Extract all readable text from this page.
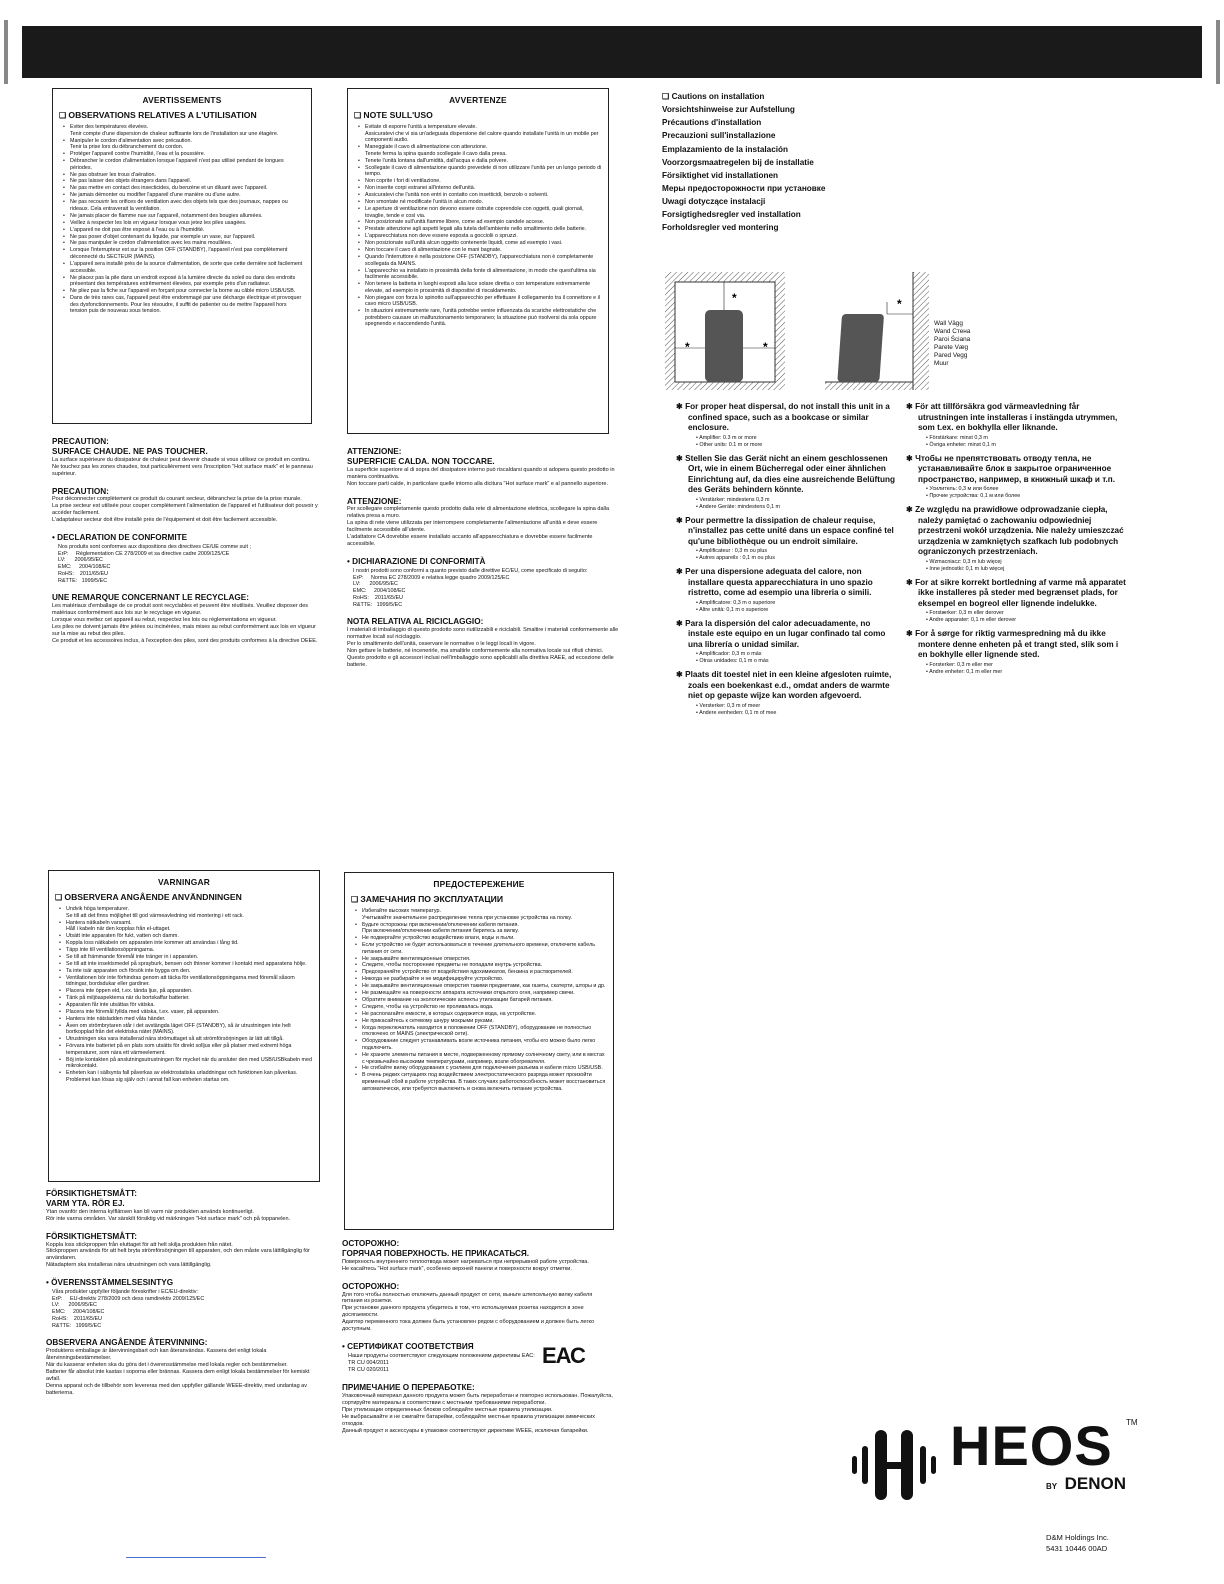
AVERTISSEMENTS
❑ OBSERVATIONS RELATIVES A L'UTILISATION
• Eviter des températures élevées.
Tenir compte d'une dispersion de chaleur suffisante lors de l'installation sur une étagère.
• Manipuler le cordon d'alimentation avec précaution.
Tenir la prise lors du débranchement du cordon.
• Protéger l'appareil contre l'humidité, l'eau et la poussière.
• Débrancher le cordon d'alimentation lorsque l'appareil n'est pas utilisé pendant de longues périodes.
• Ne pas obstruer les trous d'aération.
• Ne pas laisser des objets étrangers dans l'appareil.
• Ne pas mettre en contact des insecticides, du benzène et un diluant avec l'appareil.
• Ne jamais démonter ou modifier l'appareil d'une manière ou d'une autre.
• Ne pas recouvrir les orifices de ventilation avec des objets tels que des journaux, nappes ou rideaux. Cela entraverait la ventilation.
• Ne jamais placer de flamme nue sur l'appareil, notamment des bougies allumées.
• Veillez à respecter les lois en vigueur lorsque vous jetez les piles usagées.
• L'appareil ne doit pas être exposé à l'eau ou à l'humidité.
• Ne pas poser d'objet contenant du liquide, par exemple un vase, sur l'appareil.
• Ne pas manipuler le cordon d'alimentation avec les mains mouillées.
• Lorsque l'interrupteur est sur la position OFF (STANDBY), l'appareil n'est pas complètement déconnecté du SECTEUR (MAINS).
• L'appareil sera installé près de la source d'alimentation, de sorte que cette dernière soit facilement accessible.
• Ne placez pas la pile dans un endroit exposé à la lumière directe du soleil ou dans des endroits présentant des températures extrêmement élevées, par exemple près d'un radiateur.
• Ne pliez pas la fiche sur l'appareil en forçant pour connecter la borne au câble micro USB/USB.
• Dans de très rares cas, l'appareil peut être endommagé par une décharge électrique et provoquer des dysfonctionnements. Pour les résoudre, il suffit de patienter ou de mettre l'appareil hors tension puis de nouveau sous tension.
PRECAUTION:
SURFACE CHAUDE. NE PAS TOUCHER.

La surface supérieure du dissipateur de chaleur peut devenir chaude si vous utilisez ce produit en continu.
Ne touchez pas les zones chaudes, tout particulièrement vers l'inscription "Hot surface mark" et le panneau supérieur.

PRECAUTION:

Pour déconnecter complètement ce produit du courant secteur, débranchez la prise de la prise murale.
La prise secteur est utilisée pour couper complètement l'alimentation de l'appareil et l'utilisateur doit pouvoir y accéder facilement.
L'adaptateur secteur doit être installé près de l'équipement et doit être facilement accessible.

• DECLARATION DE CONFORMITE

Nos produits sont conformes aux dispositions des directives CE/UE comme suit ;
ErP:     Réglementation CE 278/2009 et sa directive cadre 2009/125/CE
LV:      2006/95/EC
EMC:     2004/108/EC
RoHS:    2011/65/EU
R&TTE:   1999/5/EC

UNE REMARQUE CONCERNANT LE RECYCLAGE:

Les matériaux d'emballage de ce produit sont recyclables et peuvent être réutilisés. Veuillez disposer des matériaux conformément aux lois sur le recyclage en vigueur.
Lorsque vous mettez cet appareil au rebut, respectez les lois ou réglementations en vigueur.
Les piles ne doivent jamais être jetées ou incinérées, mais mises au rebut conformément aux lois en vigueur sur la mise au rebut des piles.
Ce produit et les accessoires inclus, à l'exception des piles, sont des produits conformes à la directive DEEE.

AVVERTENZE
❑ NOTE SULL'USO
• Evitate di esporre l'unità a temperature elevate.
Assicuratevi che vi sia un'adeguata dispersione del calore quando installate l'unità in un mobile per componenti audio.
• Maneggiate il cavo di alimentazione con attenzione.
Tenete ferma la spina quando scollegate il cavo dalla presa.
• Tenete l'unità lontana dall'umidità, dall'acqua e dalla polvere.
• Scollegate il cavo di alimentazione quando prevedete di non utilizzare l'unità per un lungo periodo di tempo.
• Non coprite i fori di ventilazione.
• Non inserite corpi estranei all'interno dell'unità.
• Assicuratevi che l'unità non entri in contatto con insetticidi, benzolo o solventi.
• Non smontate né modificate l'unità in alcun modo.
• Le aperture di ventilazione non devono essere ostruite coprendole con oggetti, quali giornali, tovaglie, tende e così via.
• Non posizionate sull'unità fiamme libere, come ad esempio candele accese.
• Prestate attenzione agli aspetti legati alla tutela dell'ambiente nello smaltimento delle batterie.
• L'apparecchiatura non deve essere esposta a gocciolii o spruzzi.
• Non posizionate sull'unità alcun oggetto contenente liquidi, come ad esempio i vasi.
• Non toccare il cavo di alimentazione con le mani bagnate.
• Quando l'interruttore è nella posizione OFF (STANDBY), l'apparecchiatura non è completamente scollegata da MAINS.
• L'apparecchio va installato in prossimità della fonte di alimentazione, in modo che quest'ultima sia facilmente accessibile.
• Non tenere la batteria in luoghi esposti alla luce solare diretta o con temperature estremamente elevate, ad esempio in prossimità di dispositivi di riscaldamento.
• Non piegare con forza lo spinotto sull'apparecchio per effettuare il collegamento tra il connettore e il cavo micro USB/USB.
• In situazioni estremamente rare, l'unità potrebbe venire influenzata da scariche elettrostatiche che potrebbero causare un malfunzionamento temporaneo; la situazione può risolversi da sola oppure spegnendo e riaccendendo l'unità.
ATTENZIONE:
SUPERFICIE CALDA. NON TOCCARE.

La superficie superiore al di sopra del dissipatore interno può riscaldarsi quando si adopera questo prodotto in maniera continuativa.
Non toccare parti calde, in particolare quelle intorno alla dicitura "Hot surface mark" e al pannello superiore.

ATTENZIONE:

Per scollegare completamente questo prodotto dalla rete di alimentazione elettrica, scollegare la spina dalla relativa presa a muro.
La spina di rete viene utilizzata per interrompere completamente l'alimentazione all'unità e deve essere facilmente accessibile all'utente.
L'adattatore CA dovrebbe essere installato accanto all'apparecchiatura e dovrebbe essere facilmente accessibile.

• DICHIARAZIONE DI CONFORMITÀ

I nostri prodotti sono conformi a quanto previsto dalle direttive EC/EU, come specificato di seguito:
ErP:     Norma EC 278/2009 e relativa legge quadro 2009/125/EC
LV:      2006/95/EC
EMC:     2004/108/EC
RoHS:    2011/65/EU
R&TTE:   1999/5/EC

NOTA RELATIVA AL RICICLAGGIO:

I materiali di imballaggio di questo prodotto sono riutilizzabili e riciclabili. Smaltire i materiali conformemente alle normative locali sul riciclaggio.
Per lo smaltimento dell'unità, osservare le normative o le leggi locali in vigore.
Non gettare le batterie, né incenerirle, ma smaltirle conformemente alla normativa locale sui rifiuti chimici.
Questo prodotto e gli accessori inclusi nell'imballaggio sono applicabili alla direttiva RAEE, ad eccezione delle batterie.

❑ Cautions on installation
Vorsichtshinweise zur Aufstellung
Précautions d'installation
Precauzioni sull'installazione
Emplazamiento de la instalación
Voorzorgsmaatregelen bij de installatie
Försiktighet vid installationen
Меры предосторожности при установке
Uwagi dotyczące instalacji
Forsigtighedsregler ved installation
Forholdsregler ved montering
*
*	*
*
Wall Vägg
Wand Стена
Paroi Ściana
Parete Væg
Pared Vegg
Muur
✱ For proper heat dispersal, do not install this unit in a confined space, such as a bookcase or similar enclosure.
• Amplifier: 0.3 m or more
• Other units: 0.1 m or more
✱ Stellen Sie das Gerät nicht an einem geschlossenen Ort, wie in einem Bücherregal oder einer ähnlichen Einrichtung auf, da dies eine ausreichende Belüftung des Geräts behindern könnte.
• Verstärker: mindestens 0,3 m
• Andere Geräte: mindestens 0,1 m
✱ Pour permettre la dissipation de chaleur requise, n'installez pas cette unité dans un espace confiné tel qu'une bibliothèque ou un endroit similaire.
• Amplificateur : 0,3 m ou plus
• Autres appareils : 0,1 m ou plus
✱ Per una dispersione adeguata del calore, non installare questa apparecchiatura in uno spazio ristretto, come ad esempio una libreria o simili.
• Amplificatore: 0,3 m o superiore
• Altre unità: 0,1 m o superiore
✱ Para la dispersión del calor adecuadamente, no instale este equipo en un lugar confinado tal como una librería o unidad similar.
• Amplificador: 0,3 m o más
• Otras unidades: 0,1 m o más
✱ Plaats dit toestel niet in een kleine afgesloten ruimte, zoals een boekenkast e.d., omdat anders de warmte niet op gepaste wijze kan worden afgevoerd.
• Versterker: 0,3 m of meer
• Andere eenheden: 0,1 m of mee
✱ För att tillförsäkra god värmeavledning får utrustningen inte installeras i instängda utrymmen, som t.ex. en bokhylla eller liknande.
• Förstärkare: minst 0,3 m
• Övriga enheter: minst 0,1 m
✱ Чтобы не препятствовать отводу тепла, не устанавливайте блок в закрытое ограниченное пространство, например, в книжный шкаф и т.п.
• Усилитель: 0,3 м или более
• Прочие устройства: 0,1 м или более
✱ Ze względu na prawidłowe odprowadzanie ciepła, należy pamiętać o zachowaniu odpowiedniej przestrzeni wokół urządzenia. Nie należy umieszczać urządzenia w zamkniętych szafkach lub podobnych ograniczonych przestrzeniach.
• Wzmacniacz: 0,3 m lub więcej
• Inne jednostki: 0,1 m lub więcej
✱ For at sikre korrekt bortledning af varme må apparatet ikke installeres på steder med begrænset plads, for eksempel en bogreol eller lignende indelukke.
• Forstærker: 0,3 m eller derover
• Andre apparater: 0,1 m eller derover
✱ For å sørge for riktig varmespredning må du ikke montere denne enheten på et trangt sted, slik som i en bokhylle eller lignende sted.
• Forsterker: 0,3 m eller mer
• Andre enheter: 0,1 m eller mer
VARNINGAR
❑ OBSERVERA ANGÅENDE ANVÄNDNINGEN
• Undvik höga temperaturer.
Se till att det finns möjlighet till god värmeavledning vid montering i ett rack.
• Hantera nätkabeln varsamt.
Håll i kabeln när den kopplas från el-uttaget.
• Utsätt inte apparaten för fukt, vatten och damm.
• Koppla loss nätkabeln om apparaten inte kommer att användas i lång tid.
• Täpp inte till ventilationsöppningarna.
• Se till att främmande föremål inte tränger in i apparaten.
• Se till att inte insektsmedel på sprayburk, bensen och thinner kommer i kontakt med apparatens hölje.
• Ta inte isär apparaten och försök inte bygga om den.
• Ventilationen bör inte förhindras genom att täcka för ventilationsöppningarna med föremål såsom tidningar, bordsdukar eller gardiner.
• Placera inte öppen eld, t.ex. tända ljus, på apparaten.
• Tänk på miljöaspekterna när du bortskaffar batterier.
• Apparaten får inte utsättas för vätska.
• Placera inte föremål fyllda med vätska, t.ex. vaser, på apparaten.
• Hantera inte nätsladden med våta händer.
• Även om strömbrytaren står i det avstängda läget OFF (STANDBY), så är utrustningen inte helt bortkopplad från det elektriska nätet (MAINS).
• Utrustningen ska vara installerad nära strömuttaget så att strömförsörjningen är lätt att tillgå.
• Förvara inte batteriet på en plats som utsätts för direkt solljus eller på platser med extremt höga temperaturer, som nära ett värmeelement.
• Böj inte kontakten på anslutningsutrustningen för mycket när du ansluter den med USB/USBkabeln med mikrokontakt.
• Enheten kan i sällsynta fall påverkas av elektrostatiska urladdningar och funktionen kan påverkas. Problemet kan lösas sig själv och i annat fall kan enheten startas om.
FÖRSIKTIGHETSMÅTT:
VARM YTA. RÖR EJ.

Ytan ovanför den interna kylflänsen kan bli varm när produkten används kontinuerligt.
Rör inte varma områden. Var särskilt försiktig vid märkningen "Hot surface mark" och på toppanelen.

FÖRSIKTIGHETSMÅTT:

Koppla loss stickproppen från eluttaget för att helt skilja produkten från nätet.
Stickproppen används för att helt bryta strömförsörjningen till apparaten, och den måste vara lättillgänglig för användaren.
Nätadaptern ska installeras nära utrustningen och vara lättillgänglig.

• ÖVERENSSTÄMMELSESINTYG

Våra produkter uppfyller följande föreskrifter i EC/EU-direktiv:
ErP:     EU-direktiv 278/2009 och dess ramdirektiv 2009/125/EC
LV:      2006/95/EC
EMC:     2004/108/EC
RoHS:    2011/65/EU
R&TTE:   1999/5/EC

OBSERVERA ANGÅENDE ÅTERVINNING:

Produktens emballage är återvinningsbart och kan återanvändas. Kassera det enligt lokala återvinningsbestämmelser.
När du kasserar enheten ska du göra det i överensstämmelse med lokala regler och bestämmelser.
Batterier får absolut inte kastas i soporna eller brännas. Kassera dem enligt lokala bestämmelser för kemiskt avfall.
Denna apparat och de tillbehör som levereras med den uppfyller gällande WEEE-direktiv, med undantag av batterierna.

ПРЕДОСТЕРЕЖЕНИЕ
❑ ЗАМЕЧАНИЯ ПО ЭКСПЛУАТАЦИИ
• Избегайте высоких температур.
Учитывайте значительное распределение тепла при установке устройства на полку.
• Будьте осторожны при включении/отключении кабеля питания.
При включении/отключении кабеля питания беритесь за вилку.
• Не подвергайте устройство воздействию влаги, воды и пыли.
• Если устройство не будет использоваться в течение длительного времени, отключите кабель питания от сети.
• Не закрывайте вентиляционные отверстия.
• Следите, чтобы посторонние предметы не попадали внутрь устройства.
• Предохраняйте устройство от воздействия ядохимикатов, бензина и растворителей.
• Никогда не разбирайте и не модифицируйте устройство.
• Не закрывайте вентиляционные отверстия такими предметами, как газеты, скатерти, шторы и др.
• Не размещайте на поверхности аппарата источники открытого огня, например свечи.
• Обратите внимание на экологические аспекты утилизации батарей питания.
• Следите, чтобы на устройство не проливалась вода.
• Не располагайте емкости, в которых содержится вода, на устройстве.
• Не прикасайтесь к сетевому шнуру мокрыми руками.
• Когда переключатель находится в положении OFF (STANDBY), оборудование не полностью отключено от MAINS (электрической сети).
• Оборудование следует устанавливать возле источника питания, чтобы его можно было легко подключить.
• Не храните элементы питания в месте, подверженному прямому солнечному свету, или в местах с чрезвычайно высокими температурами, например, возле обогревателя.
• Не сгибайте вилку оборудования с усилием для подключения разъема и кабеля micro USB/USB.
• В очень редких ситуациях под воздействием электростатического разряда может произойти временный сбой в работе устройства. В таких случаях работоспособность может восстановиться автоматически, или требуется выключить и снова включить питание устройства.
ОСТОРОЖНО:
ГОРЯЧАЯ ПОВЕРХНОСТЬ. НЕ ПРИКАСАТЬСЯ.

Поверхность внутреннего теплоотвода может нагреваться при непрерывной работе устройства.
Не касайтесь "Hot surface mark", особенно верхней панели и поверхности вокруг отметки.

ОСТОРОЖНО:

Для того чтобы полностью отключить данный продукт от сети, выньте штепсельную вилку кабеля питания из розетки.
При установке данного продукта убедитесь в том, что используемая розетка находится в зоне досягаемости.
Адаптер переменного тока должен быть установлен рядом с оборудованием и должен быть легко доступным.

• СЕРТИФИКАТ СООТВЕТСТВИЯ	ЕАС

Наши продукты соответствуют следующим положениям директивы EAC:
TR CU 004/2011
TR CU 020/2011

ПРИМЕЧАНИЕ О ПЕРЕРАБОТКЕ:

Упаковочный материал данного продукта может быть переработан и повторно использован. Пожалуйста, сортируйте материалы в соответствии с местными требованиями переработки.
При утилизации определенных блоков соблюдайте местные правила утилизации.
Не выбрасывайте и не сжигайте батарейки, соблюдайте местные правила утилизации химических отходов.
Данный продукт и аксессуары в упаковке соответствуют директиве WEEE, исключая батарейки.	HEOS TM
BY DENON
D&M Holdings Inc.
5431 10446 00AD
